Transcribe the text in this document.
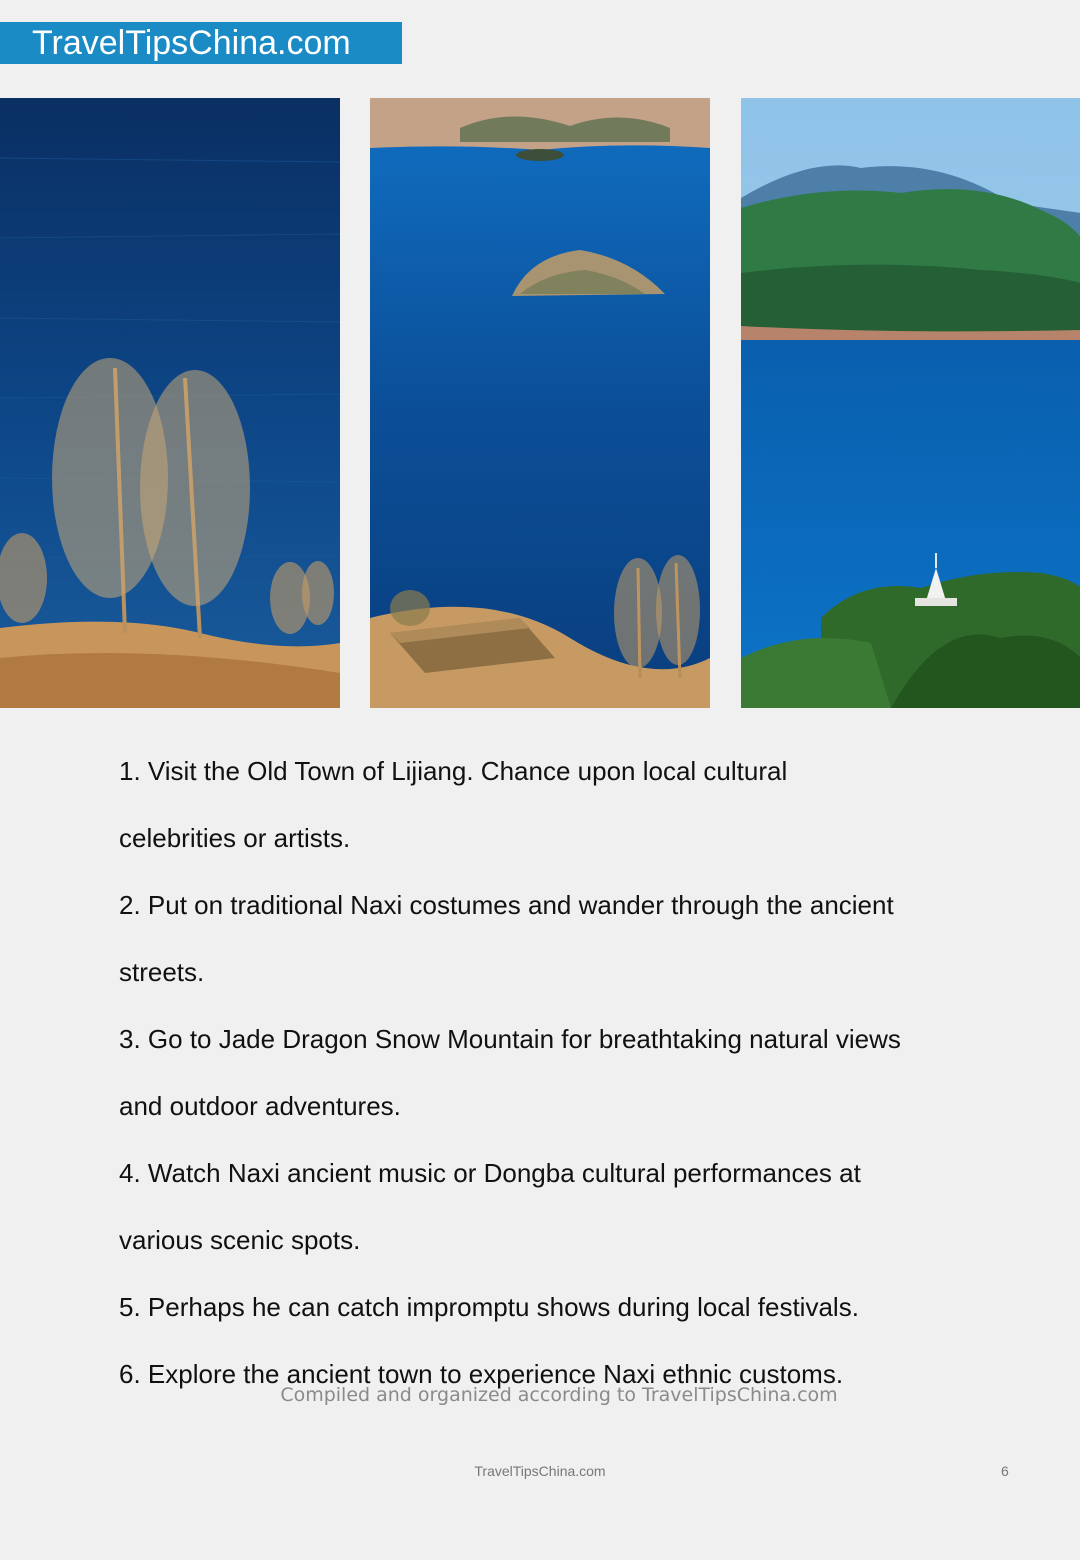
TravelTipsChina.com
1. Visit the Old Town of Lijiang. Chance upon local cultural
celebrities or artists.
2. Put on traditional Naxi costumes and wander through the ancient
streets.
3. Go to Jade Dragon Snow Mountain for breathtaking natural views
and outdoor adventures.
4. Watch Naxi ancient music or Dongba cultural performances at
various scenic spots.
5. Perhaps he can catch impromptu shows during local festivals.
6. Explore the ancient town to experience Naxi ethnic customs.
Compiled and organized according to TravelTipsChina.com
TravelTipsChina.com	6
